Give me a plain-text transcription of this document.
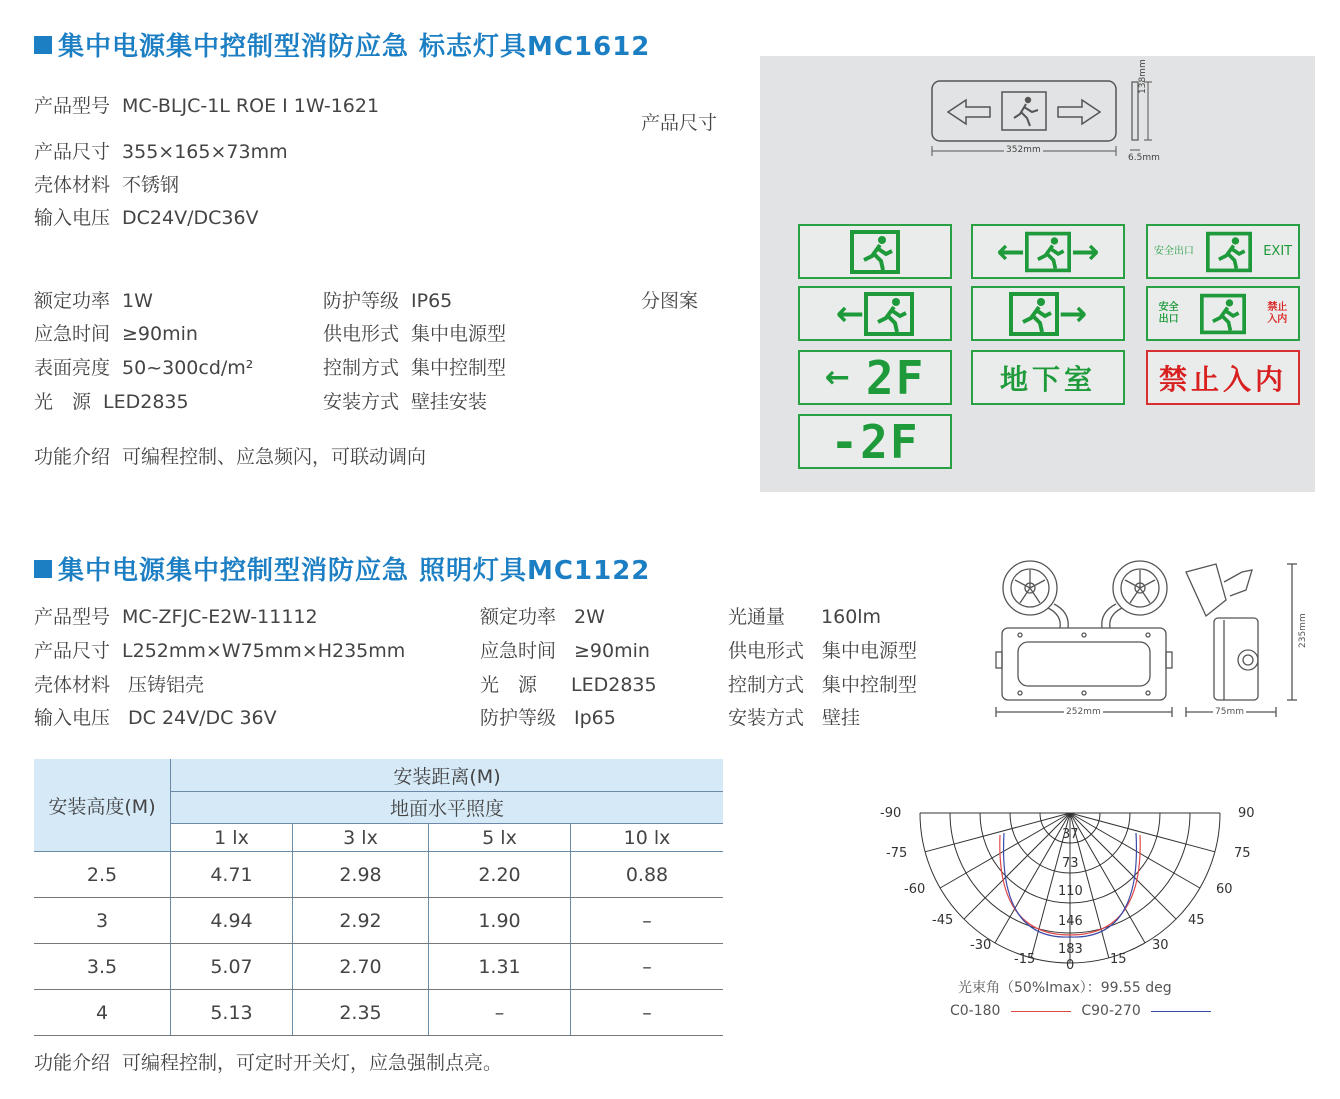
集中电源集中控制型消防应急 标志灯具MC1612
产品型号 MC-BLJC-1L ROE I 1W-1621
产品尺寸 355×165×73mm
壳体材料 不锈钢
输入电压 DC24V/DC36V
额定功率 1W
应急时间 ≥90min
表面亮度 50~300cd/m²
光　源 LED2835
防护等级 IP65
供电形式 集中电源型
控制方式 集中控制型
安装方式 壁挂安装
功能介绍 可编程控制、应急频闪，可联动调向
产品尺寸
分图案
352mm
138mm
6.5mm
← →	安全出口	EXIT
←	→	安全
出口
禁止
入内
← 2F	地下室 禁止入内
-2F
集中电源集中控制型消防应急 照明灯具MC1122
产品型号 MC-ZFJC-E2W-11112
产品尺寸 L252mm×W75mm×H235mm
壳体材料 压铸铝壳
输入电压 DC 24V/DC 36V
额定功率 2W
应急时间 ≥90min
光　源 LED2835
防护等级 Ip65
光通量 160lm
供电形式 集中电源型
控制方式 集中控制型
安装方式 壁挂	252mm	75mm
235mm
安装高度(M)	安装距离(M)			
	地面水平照度			
	1 lx	3 lx	5 lx	10 lx
2.5	4.71	2.98	2.20	0.88
3	4.94	2.92	1.90	–
3.5	5.07	2.70	1.31	–
4	5.13	2.35	–	–
功能介绍 可编程控制，可定时开关灯，应急强制点亮。
-90
-75
-60
-45
-30
-15
90
75
60
45
30
15
0
37
73
110
146
183
光束角（50%Imax）：99.55 deg
C0-180	C90-270
